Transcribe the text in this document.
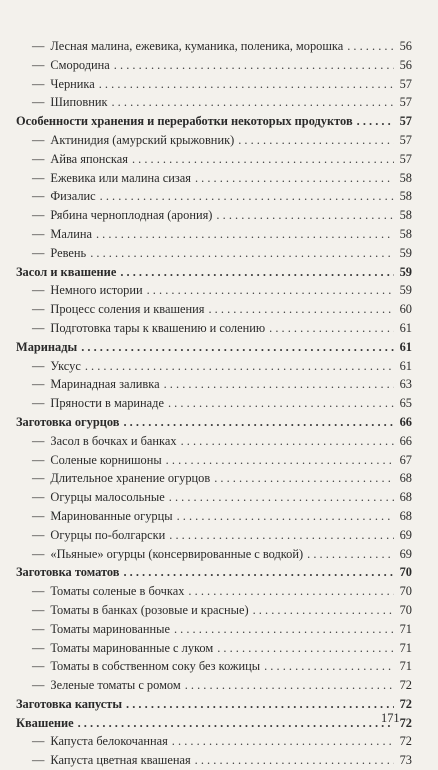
— Лесная малина, ежевика, куманика, поленика, морошка . . .	56
— Смородина . . .	56
— Черника . . .	57
— Шиповник . . .	57
Особенности хранения и переработки некоторых продуктов . . .	57
— Актинидия (амурский крыжовник) . . .	57
— Айва японская . . .	57
— Ежевика или малина сизая . . .	58
— Физалис . . .	58
— Рябина черноплодная (арония) . . .	58
— Малина . . .	58
— Ревень . . .	59
Засол и квашение . . .	59
— Немного истории . . .	59
— Процесс соления и квашения . . .	60
— Подготовка тары к квашению и солению . . .	61
Маринады . . .	61
— Уксус . . .	61
— Маринадная заливка . . .	63
— Пряности в маринаде . . .	65
Заготовка огурцов . . .	66
— Засол в бочках и банках . . .	66
— Соленые корнишоны . . .	67
— Длительное хранение огурцов . . .	68
— Огурцы малосольные . . .	68
— Маринованные огурцы . . .	68
— Огурцы по-болгарски . . .	69
— «Пьяные» огурцы (консервированные с водкой) . . .	69
Заготовка томатов . . .	70
— Томаты соленые в бочках . . .	70
— Томаты в банках (розовые и красные) . . .	70
— Томаты маринованные . . .	71
— Томаты маринованные с луком . . .	71
— Томаты в собственном соку без кожицы . . .	71
— Зеленые томаты с ромом . . .	72
Заготовка капусты . . .	72
Квашение . . .	72
— Капуста белокочанная . . .	72
— Капуста цветная квашеная . . .	73
171
